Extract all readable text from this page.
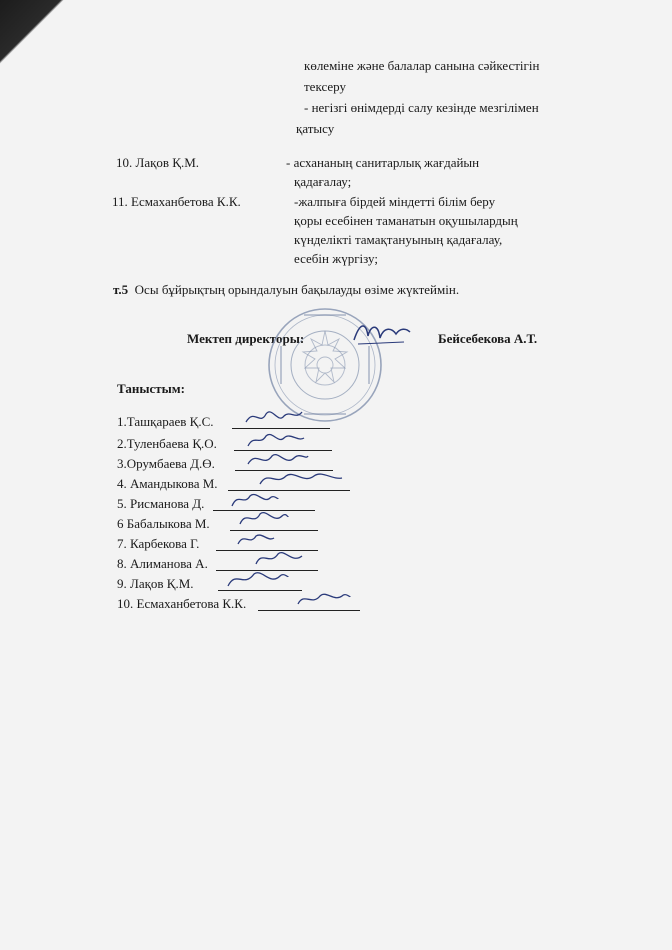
көлеміне және балалар санына сәйкестігін
тексеру
- негізгі өнімдерді салу кезінде мезгілімен
қатысу
10. Лақов Қ.М.	- асхананың санитарлық жағдайын
қадағалау;
11. Есмаханбетова К.К.	-жалпыға бірдей міндетті білім беру
қоры есебінен таманатын оқушылардың
күнделікті тамақтануының қадағалау,
есебін жүргізу;
т.5 Осы бұйрықтың орындалуын бақылауды өзіме жүктеймін.
Мектеп директоры:	Бейсебекова А.Т.
Таныстым:
1.Ташқараев Қ.С.
2.Туленбаева Қ.О.
3.Орумбаева Д.Ө.
4. Амандыкова М.
5. Рисманова Д.
6 Бабалыкова М.
7. Карбекова Г.
8. Алиманова А.
9. Лақов Қ.М.
10. Есмаханбетова К.К.
